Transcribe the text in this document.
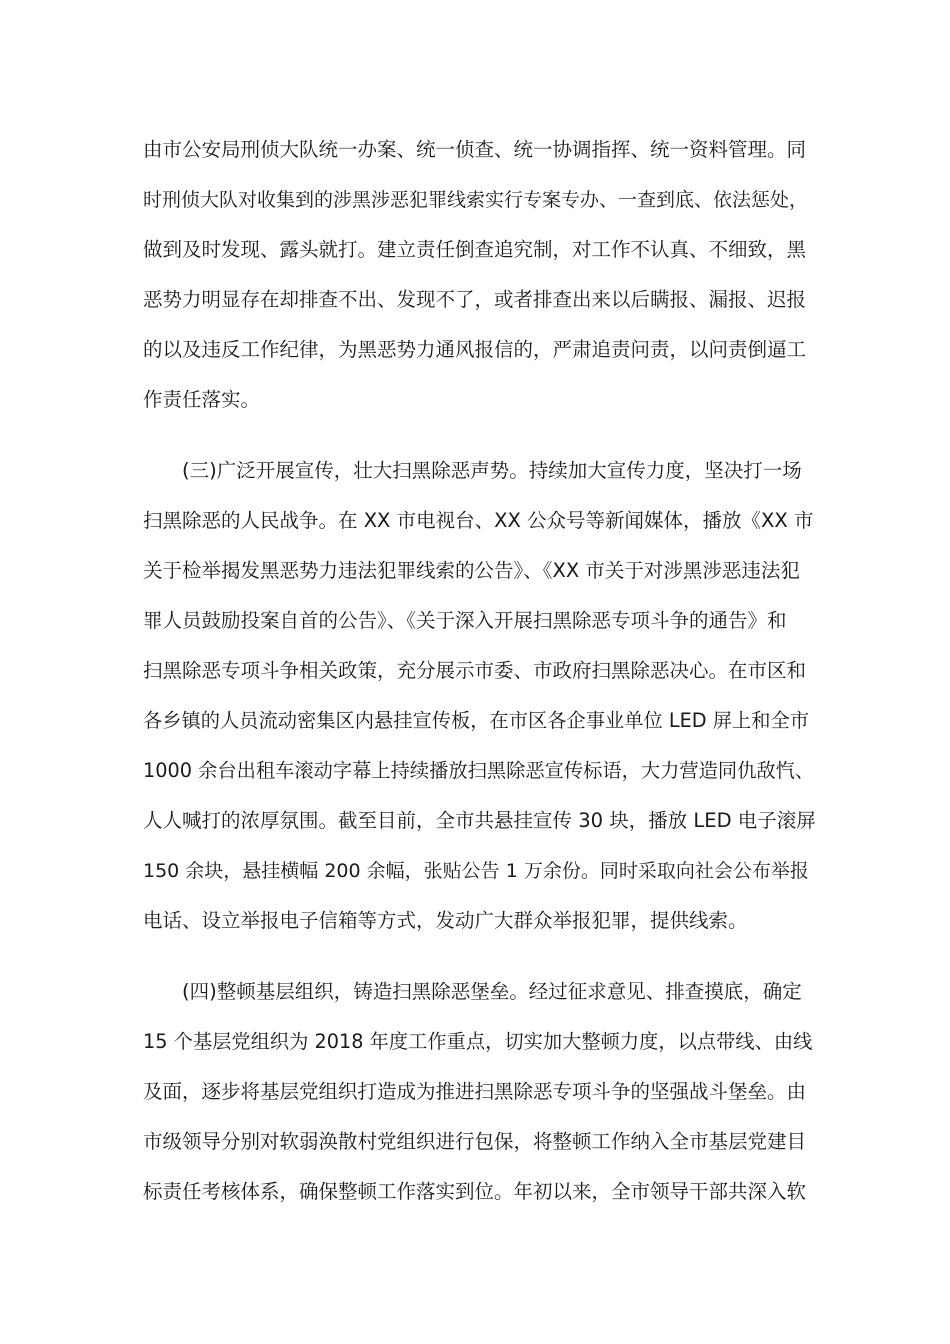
由市公安局刑侦大队统一办案、统一侦查、统一协调指挥、统一资料管理。同
时刑侦大队对收集到的涉黑涉恶犯罪线索实行专案专办、一查到底、依法惩处，
做到及时发现、露头就打。建立责任倒查追究制，对工作不认真、不细致，黑
恶势力明显存在却排查不出、发现不了，或者排查出来以后瞒报、漏报、迟报
的以及违反工作纪律，为黑恶势力通风报信的，严肃追责问责，以问责倒逼工
作责任落实。
(三)广泛开展宣传，壮大扫黑除恶声势。持续加大宣传力度，坚决打一场
扫黑除恶的人民战争。在 XX 市电视台、XX 公众号等新闻媒体，播放《XX 市
关于检举揭发黑恶势力违法犯罪线索的公告》、《XX 市关于对涉黑涉恶违法犯
罪人员鼓励投案自首的公告》、《关于深入开展扫黑除恶专项斗争的通告》和
扫黑除恶专项斗争相关政策，充分展示市委、市政府扫黑除恶决心。在市区和
各乡镇的人员流动密集区内悬挂宣传板，在市区各企事业单位 LED 屏上和全市
1000 余台出租车滚动字幕上持续播放扫黑除恶宣传标语，大力营造同仇敌忾、
人人喊打的浓厚氛围。截至目前，全市共悬挂宣传 30 块，播放 LED 电子滚屏
150 余块，悬挂横幅 200 余幅，张贴公告 1 万余份。同时采取向社会公布举报
电话、设立举报电子信箱等方式，发动广大群众举报犯罪，提供线索。
(四)整顿基层组织，铸造扫黑除恶堡垒。经过征求意见、排查摸底，确定
15 个基层党组织为 2018 年度工作重点，切实加大整顿力度，以点带线、由线
及面，逐步将基层党组织打造成为推进扫黑除恶专项斗争的坚强战斗堡垒。由
市级领导分别对软弱涣散村党组织进行包保，将整顿工作纳入全市基层党建目
标责任考核体系，确保整顿工作落实到位。年初以来，全市领导干部共深入软
